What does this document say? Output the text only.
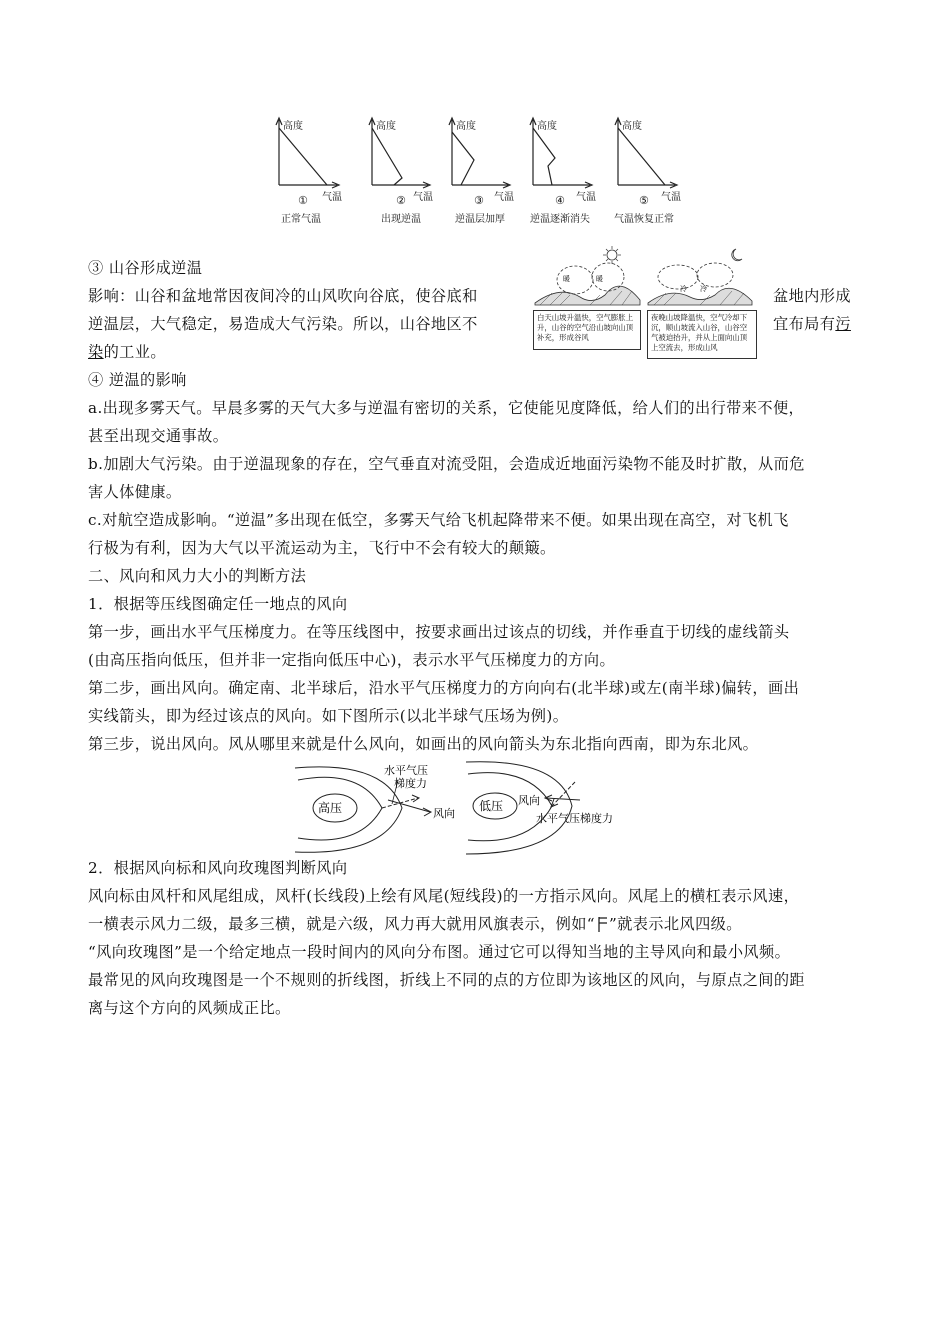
高度
气温
高度
气温
高度
气温
高度
气温
高度
气温
①	②	③	④	⑤
正常气温	出现逆温	逆温层加厚	逆温逐渐消失 气温恢复正常
③ 山谷形成逆温
影响：山谷和盆地常因夜间冷的山风吹向谷底，使谷底和	盆地内形成
逆温层，大气稳定，易造成大气污染。所以，山谷地区不	宜布局有污
染的工业。
暖	暖
冷 冷
白天山坡升温快，空气膨胀上升，山谷的空气沿山坡向山顶补充，形成谷风
夜晚山坡降温快，空气冷却下沉，顺山坡流入山谷，山谷空气被迫抬升，并从上面向山顶上空流去，形成山风
④ 逆温的影响
a.出现多雾天气。早晨多雾的天气大多与逆温有密切的关系，它使能见度降低，给人们的出行带来不便，
甚至出现交通事故。
b.加剧大气污染。由于逆温现象的存在，空气垂直对流受阻，会造成近地面污染物不能及时扩散，从而危
害人体健康。
c.对航空造成影响。“逆温”多出现在低空，多雾天气给飞机起降带来不便。如果出现在高空，对飞机飞
行极为有利，因为大气以平流运动为主，飞行中不会有较大的颠簸。
二、风向和风力大小的判断方法
1．根据等压线图确定任一地点的风向
第一步，画出水平气压梯度力。在等压线图中，按要求画出过该点的切线，并作垂直于切线的虚线箭头
(由高压指向低压，但并非一定指向低压中心)，表示水平气压梯度力的方向。
第二步，画出风向。确定南、北半球后，沿水平气压梯度力的方向向右(北半球)或左(南半球)偏转，画出
实线箭头，即为经过该点的风向。如下图所示(以北半球气压场为例)。
第三步，说出风向。风从哪里来就是什么风向，如画出的风向箭头为东北指向西南，即为东北风。
高压	低压
水平气压
梯度力
风向
风向
水平气压梯度力
2．根据风向标和风向玫瑰图判断风向
风向标由风杆和风尾组成，风杆(长线段)上绘有风尾(短线段)的一方指示风向。风尾上的横杠表示风速，
一横表示风力二级，最多三横，就是六级，风力再大就用风旗表示，例如“ ”就表示北风四级。
“风向玫瑰图”是一个给定地点一段时间内的风向分布图。通过它可以得知当地的主导风向和最小风频。
最常见的风向玫瑰图是一个不规则的折线图，折线上不同的点的方位即为该地区的风向，与原点之间的距
离与这个方向的风频成正比。
